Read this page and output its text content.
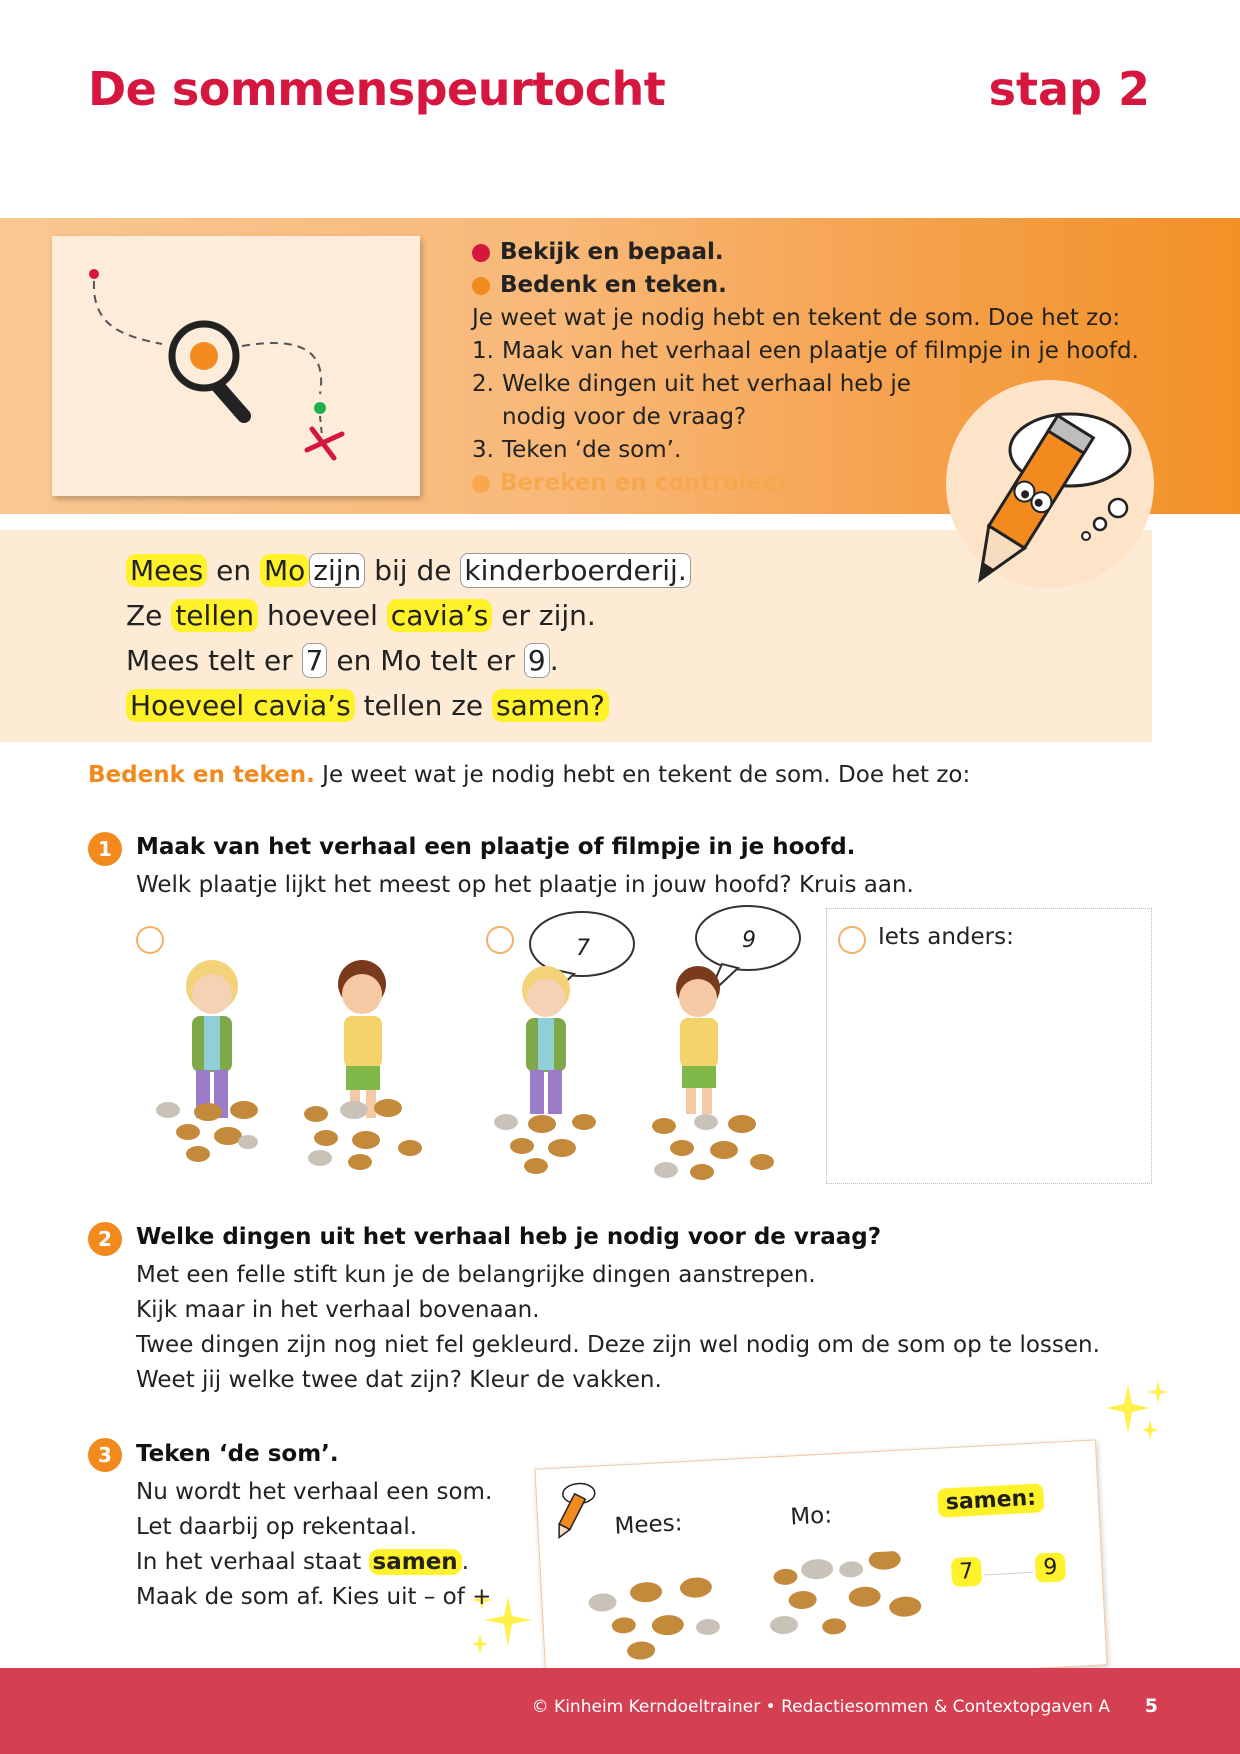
De sommenspeurtocht	stap 2
Bekijk en bepaal.
Bedenk en teken.
Je weet wat je nodig hebt en tekent de som. Doe het zo:
1. Maak van het verhaal een plaatje of filmpje in je hoofd.
2. Welke dingen uit het verhaal heb je
nodig voor de vraag?
3. Teken ‘de som’.
Bereken en controleer.
Mees en Mo zijn bij de kinderboerderij.
Ze tellen hoeveel cavia’s er zijn.
Mees telt er 7 en Mo telt er 9 .
Hoeveel cavia’s tellen ze samen?
Bedenk en teken. Je weet wat je nodig hebt en tekent de som. Doe het zo:
1	Maak van het verhaal een plaatje of filmpje in je hoofd.
Welk plaatje lijkt het meest op het plaatje in jouw hoofd? Kruis aan.
Iets anders:
7	9
2	Welke dingen uit het verhaal heb je nodig voor de vraag?
Met een felle stift kun je de belangrijke dingen aanstrepen.
Kijk maar in het verhaal bovenaan.
Twee dingen zijn nog niet fel gekleurd. Deze zijn wel nodig om de som op te lossen.
Weet jij welke twee dat zijn? Kleur de vakken.
3	Teken ‘de som’.
Nu wordt het verhaal een som.
Let daarbij op rekentaal.
In het verhaal staat samen .
Maak de som af. Kies uit – of +
Mees:	Mo:
samen:
7	9
© Kinheim Kerndoeltrainer • Redactiesommen & Contextopgaven A 5
